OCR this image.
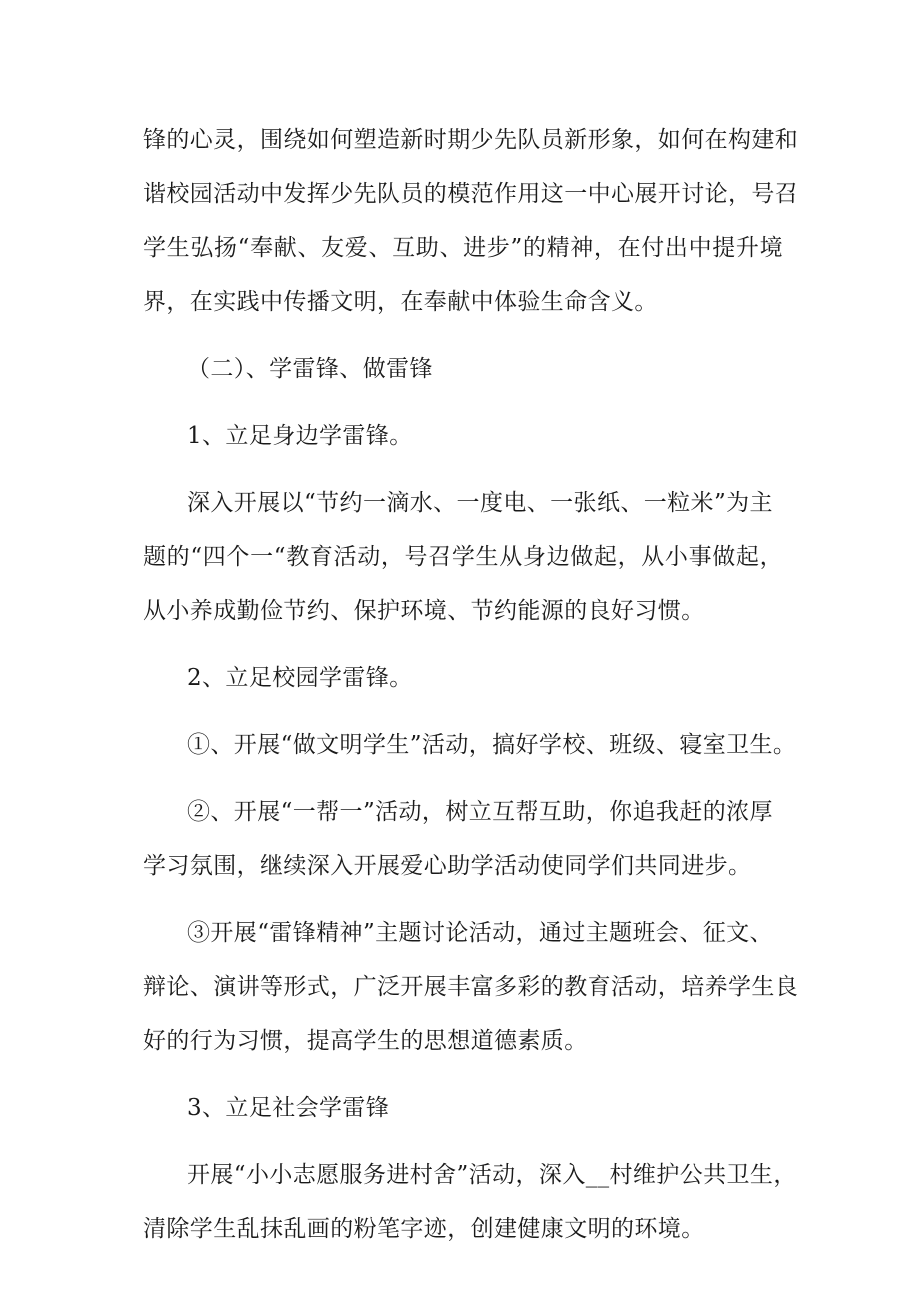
锋的心灵，围绕如何塑造新时期少先队员新形象，如何在构建和
谐校园活动中发挥少先队员的模范作用这一中心展开讨论，号召
学生弘扬“奉献、友爱、互助、进步”的精神，在付出中提升境
界，在实践中传播文明，在奉献中体验生命含义。
（二）、学雷锋、做雷锋
1、立足身边学雷锋。
深入开展以“节约一滴水、一度电、一张纸、一粒米”为主
题的“四个一“教育活动，号召学生从身边做起，从小事做起，
从小养成勤俭节约、保护环境、节约能源的良好习惯。
2、立足校园学雷锋。
①、开展“做文明学生”活动，搞好学校、班级、寝室卫生。
②、开展“一帮一”活动，树立互帮互助，你追我赶的浓厚
学习氛围，继续深入开展爱心助学活动使同学们共同进步。
③开展“雷锋精神”主题讨论活动，通过主题班会、征文、
辩论、演讲等形式，广泛开展丰富多彩的教育活动，培养学生良
好的行为习惯，提高学生的思想道德素质。
3、立足社会学雷锋
开展“小小志愿服务进村舍”活动，深入__村维护公共卫生，
清除学生乱抹乱画的粉笔字迹，创建健康文明的环境。
